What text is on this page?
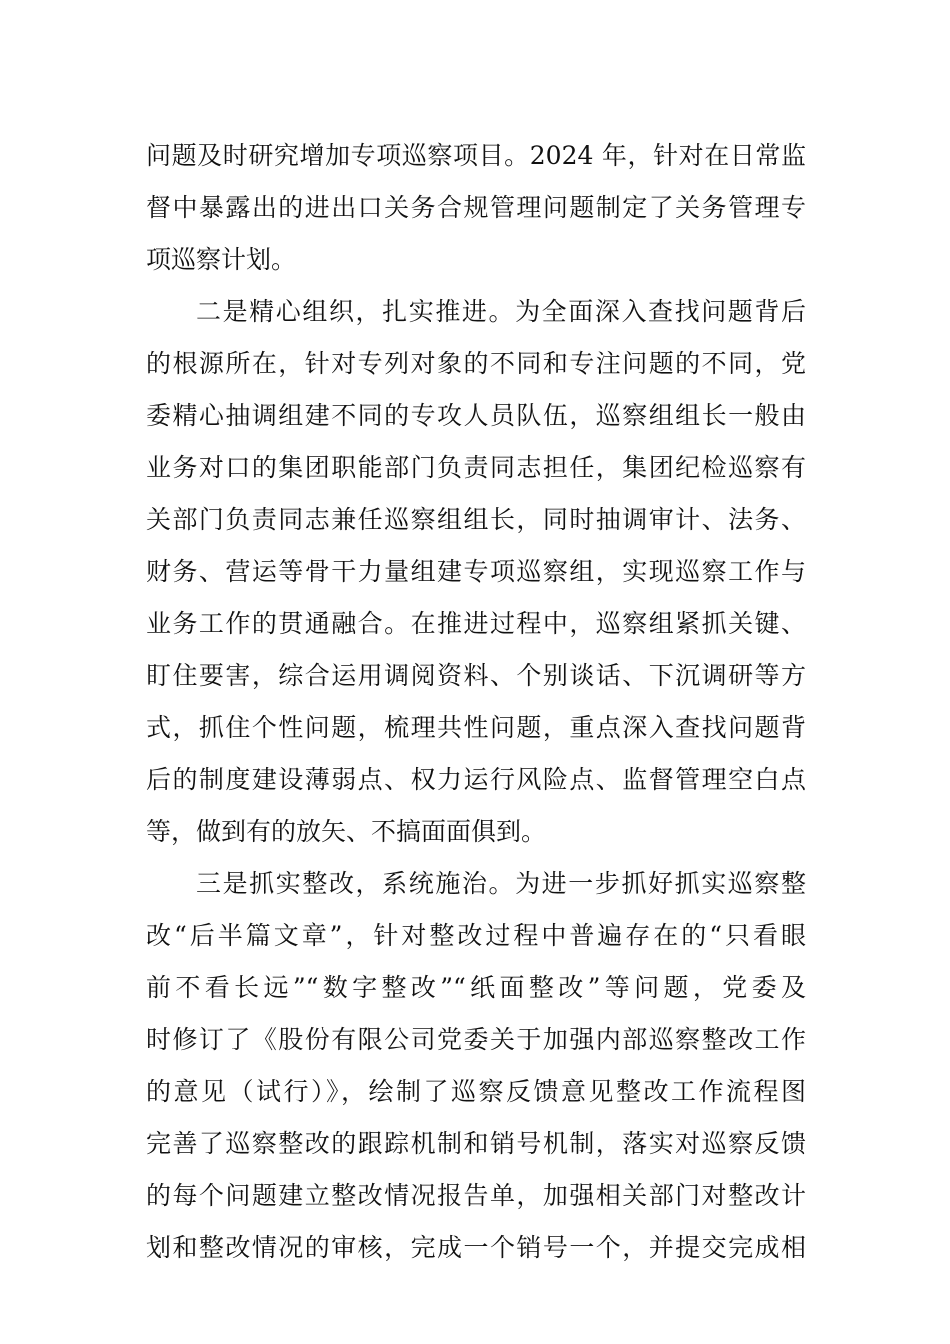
问题及时研究增加专项巡察项目。2024 年，针对在日常监
督中暴露出的进出口关务合规管理问题制定了关务管理专
项巡察计划。
二是精心组织，扎实推进。为全面深入查找问题背后
的根源所在，针对专列对象的不同和专注问题的不同，党
委精心抽调组建不同的专攻人员队伍，巡察组组长一般由
业务对口的集团职能部门负责同志担任，集团纪检巡察有
关部门负责同志兼任巡察组组长，同时抽调审计、法务、
财务、营运等骨干力量组建专项巡察组，实现巡察工作与
业务工作的贯通融合。在推进过程中，巡察组紧抓关键、
盯住要害，综合运用调阅资料、个别谈话、下沉调研等方
式，抓住个性问题，梳理共性问题，重点深入查找问题背
后的制度建设薄弱点、权力运行风险点、监督管理空白点
等，做到有的放矢、不搞面面俱到。
三是抓实整改，系统施治。为进一步抓好抓实巡察整
改“后半篇文章”，针对整改过程中普遍存在的“只看眼
前不看长远”“数字整改”“纸面整改”等问题，党委及
时修订了《股份有限公司党委关于加强内部巡察整改工作
的意见（试行）》，绘制了巡察反馈意见整改工作流程图
完善了巡察整改的跟踪机制和销号机制，落实对巡察反馈
的每个问题建立整改情况报告单，加强相关部门对整改计
划和整改情况的审核，完成一个销号一个，并提交完成相
